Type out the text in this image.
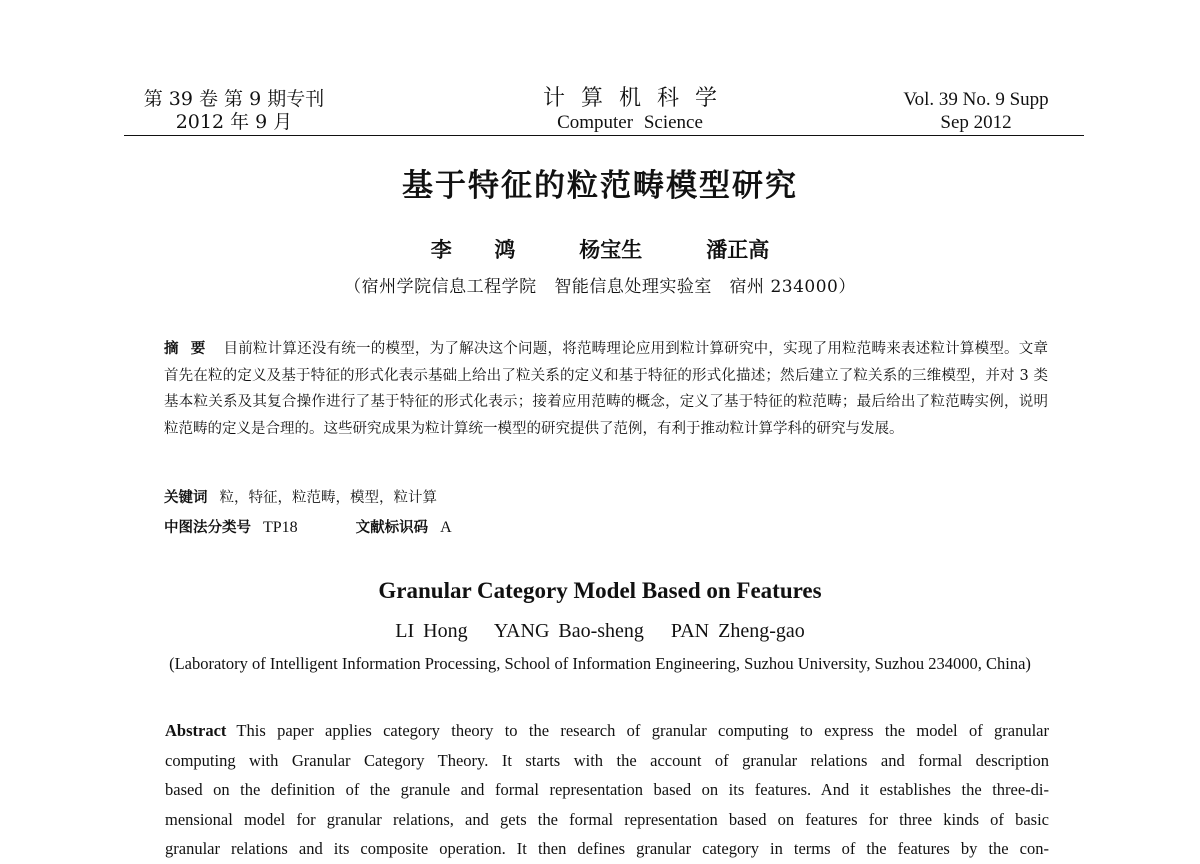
第 39 卷 第 9 期专刊
2012 年 9 月
计算机科学
Computer Science
Vol. 39 No. 9 Supp
Sep 2012
基于特征的粒范畴模型研究
李  鸿   杨宝生   潘正高
（宿州学院信息工程学院   智能信息处理实验室   宿州 234000）
摘要 目前粒计算还没有统一的模型，为了解决这个问题，将范畴理论应用到粒计算研究中，实现了用粒范畴来表述粒计算模型。文章首先在粒的定义及基于特征的形式化表示基础上给出了粒关系的定义和基于特征的形式化描述；然后建立了粒关系的三维模型，并对 3 类基本粒关系及其复合操作进行了基于特征的形式化表示；接着应用范畴的概念，定义了基于特征的粒范畴；最后给出了粒范畴实例，说明粒范畴的定义是合理的。这些研究成果为粒计算统一模型的研究提供了范例，有利于推动粒计算学科的研究与发展。
关键词 粒，特征，粒范畴，模型，粒计算
中图法分类号 TP18	文献标识码 A
Granular Category Model Based on Features
LI Hong   YANG Bao-sheng   PAN Zheng-gao
(Laboratory of Intelligent Information Processing, School of Information Engineering, Suzhou University, Suzhou 234000, China)
Abstract This paper applies category theory to the research of granular computing to express the model of granular
computing with Granular Category Theory. It starts with the account of granular relations and formal description
based on the definition of the granule and formal representation based on its features. And it establishes the three-di-
mensional model for granular relations, and gets the formal representation based on features for three kinds of basic
granular relations and its composite operation. It then defines granular category in terms of the features by the con-
